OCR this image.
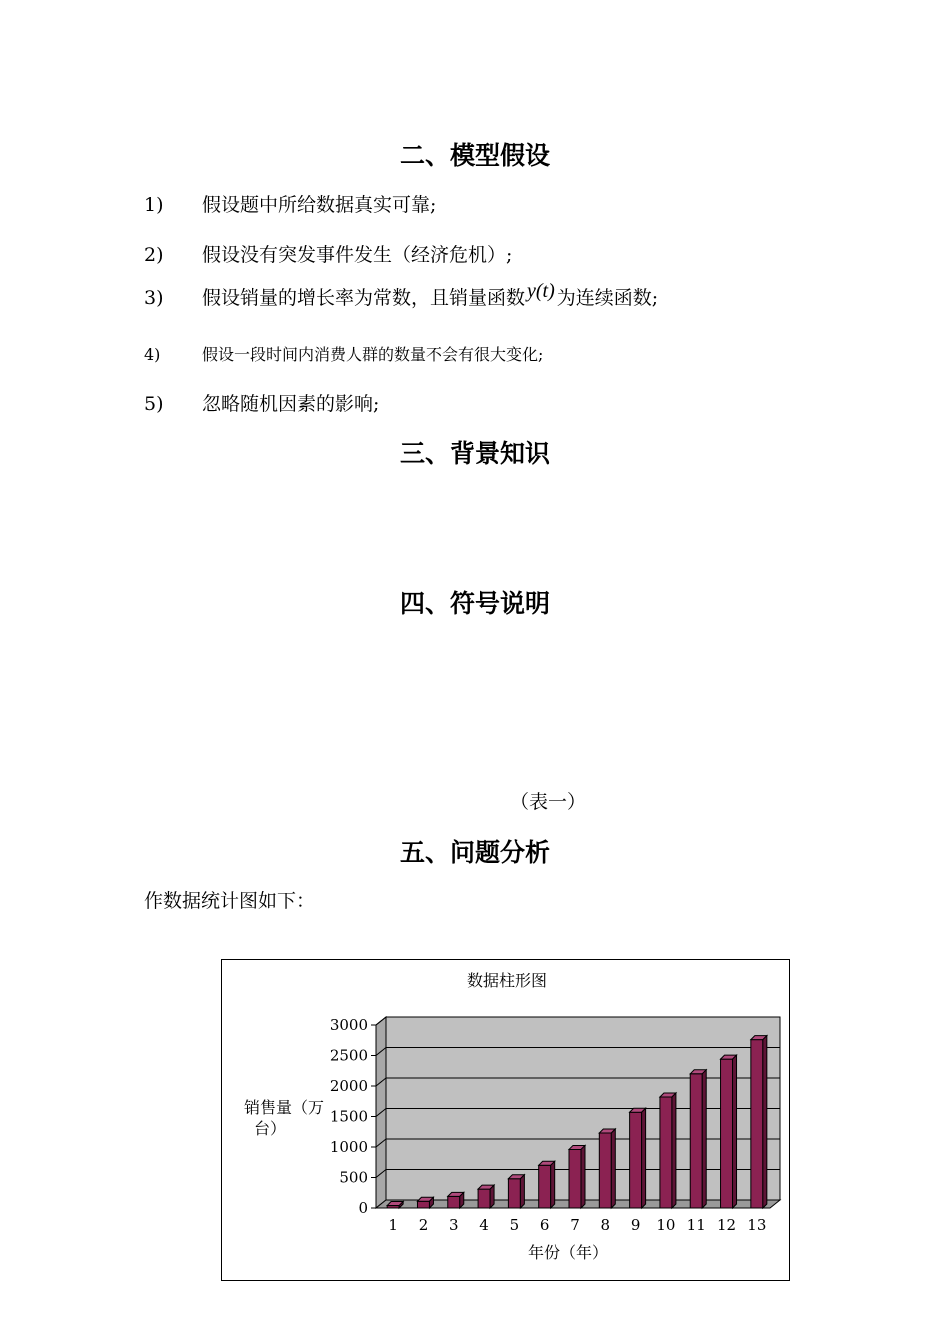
二、模型假设
1) 假设题中所给数据真实可靠;
2) 假设没有突发事件发生（经济危机）;
3) 假设销量的增长率为常数，且销量函数 y(t) 为连续函数;
4)	假设一段时间内消费人群的数量不会有很大变化;
5) 忽略随机因素的影响;
三、背景知识
四、符号说明
（表一）
五、问题分析
作数据统计图如下：
数据柱形图
销售量（万
台）
年份（年）
0
500
1000
1500
2000
2500
3000
1 2 3 4 5 6 7 8 9 10 11 12 13
